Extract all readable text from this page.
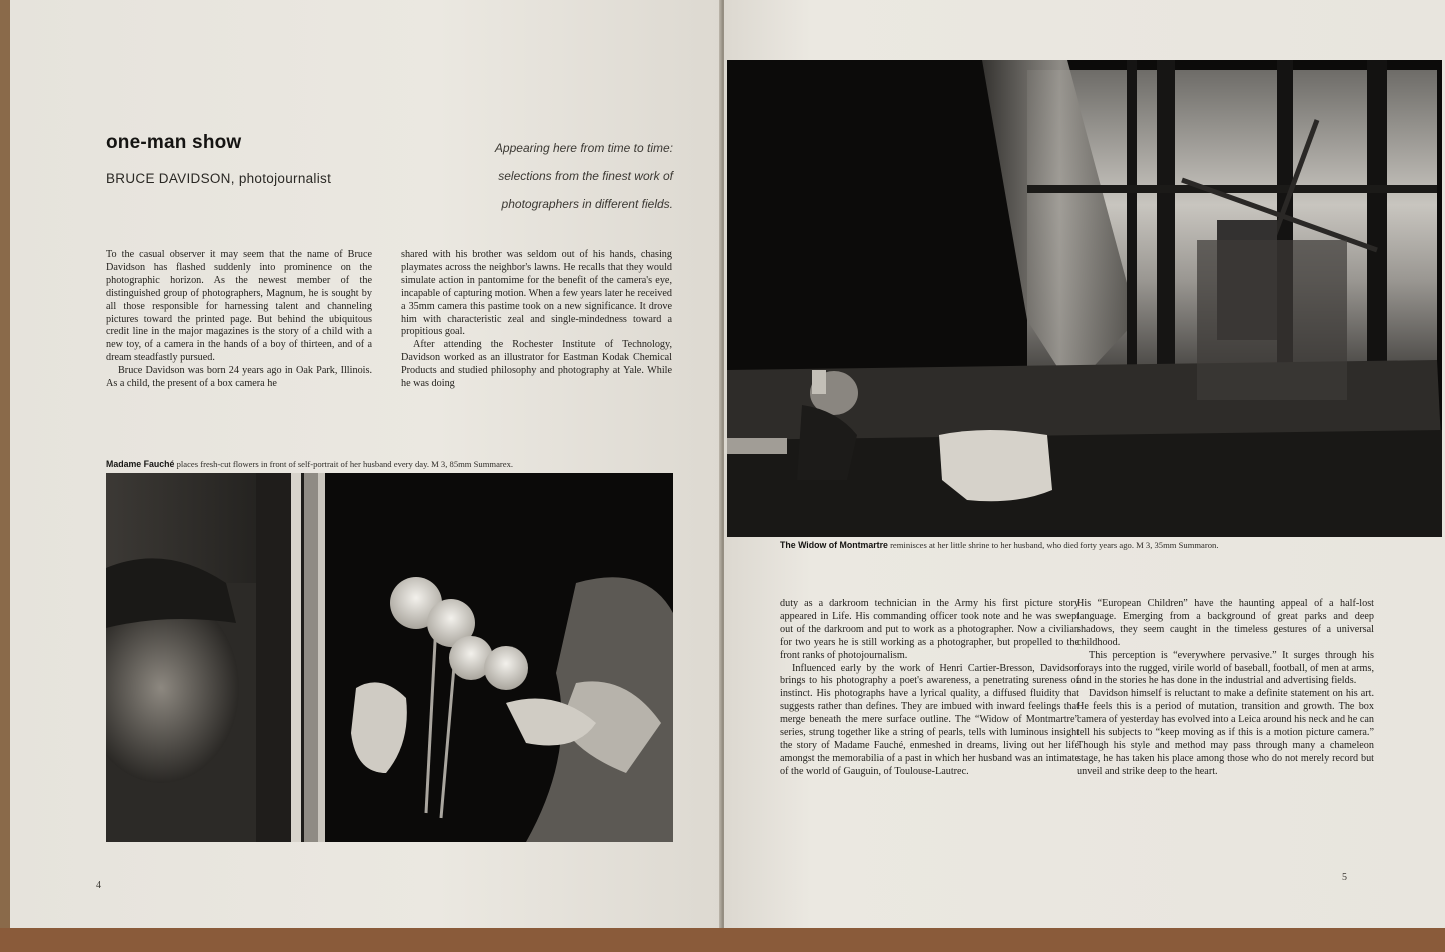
one-man show
BRUCE DAVIDSON, photojournalist
Appearing here from time to time:
selections from the finest work of
photographers in different fields.

To the casual observer it may seem that the name of Bruce Davidson has flashed suddenly into prominence on the photographic horizon. As the newest member of the distinguished group of photographers, Magnum, he is sought by all those responsible for harnessing talent and channeling pictures toward the printed page. But behind the ubiquitous credit line in the major magazines is the story of a child with a new toy, of a camera in the hands of a boy of thirteen, and of a dream steadfastly pursued.

Bruce Davidson was born 24 years ago in Oak Park, Illinois. As a child, the present of a box camera he

shared with his brother was seldom out of his hands, chasing playmates across the neighbor's lawns. He recalls that they would simulate action in pantomime for the benefit of the camera's eye, incapable of capturing motion. When a few years later he received a 35mm camera this pastime took on a new significance. It drove him with characteristic zeal and single-mindedness toward a propitious goal.

After attending the Rochester Institute of Technology, Davidson worked as an illustrator for Eastman Kodak Chemical Products and studied philosophy and photography at Yale. While he was doing

Madame Fauché places fresh-cut flowers in front of self-portrait of her husband every day. M 3, 85mm Summarex.
4
The Widow of Montmartre reminisces at her little shrine to her husband, who died forty years ago. M 3, 35mm Summaron.

duty as a darkroom technician in the Army his first picture story appeared in Life. His commanding officer took note and he was swept out of the darkroom and put to work as a photographer. Now a civilian for two years he is still working as a photographer, but propelled to the front ranks of photojournalism.

Influenced early by the work of Henri Cartier-Bresson, Davidson brings to his photography a poet's awareness, a penetrating sureness of instinct. His photographs have a lyrical quality, a diffused fluidity that suggests rather than defines. They are imbued with inward feelings that merge beneath the mere surface outline. The “Widow of Montmartre” series, strung together like a string of pearls, tells with luminous insight the story of Madame Fauché, enmeshed in dreams, living out her life amongst the memorabilia of a past in which her husband was an intimate of the world of Gauguin, of Toulouse-Lautrec.

His “European Children” have the haunting appeal of a half-lost language. Emerging from a background of great parks and deep shadows, they seem caught in the timeless gestures of a universal childhood.

This perception is “everywhere pervasive.” It surges through his forays into the rugged, virile world of baseball, football, of men at arms, and in the stories he has done in the industrial and advertising fields.

Davidson himself is reluctant to make a definite statement on his art. He feels this is a period of mutation, transition and growth. The box camera of yesterday has evolved into a Leica around his neck and he can tell his subjects to “keep moving as if this is a motion picture camera.” Though his style and method may pass through many a chameleon stage, he has taken his place among those who do not merely record but unveil and strike deep to the heart.

5
